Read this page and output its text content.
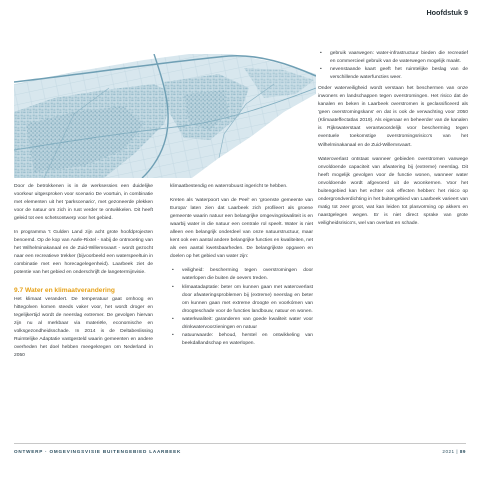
Hoofdstuk 9

Door de betrokkenen is in de werksessies een duidelijke voorkeur uitgesproken voor scenario De voortuin, in combinatie met elementen uit het 'parkscenario', met gezoneerde plekken voor de natuur om zich in rust verder te ontwikkelen. Dit heeft geleid tot een schetsontwerp voor het gebied.

In programma 't Gulden Land zijn acht grote hoofdprojecten benoemd. Op de kop van Aarle-Rixtel - nabij de ontmoeting van het Wilhelminakanaal en de Zuid-Willemsvaart - wordt gezocht naar een recreatieve trekker (bijvoorbeeld een waterspeeltuin in combinatie met een horecagelegenheid). Laarbeek ziet de potentie van het gebied en onderschrijft de langetermijnvisie.

9.7 Water en klimaatverandering

Het klimaat verandert. De temperatuur gaat omhoog en hittegolven komen steeds vaker voor, het wordt droger en tegelijkertijd wordt de neerslag extremer. De gevolgen hiervan zijn nu al merkbaar via materiële, economische en volksgezondheidsschade. In 2014 is de Deltabeslissing Ruimtelijke Adaptatie vastgesteld waarin gemeenten en andere overheden het doel hebben meegekregen om Nederland in 2050

klimaatbestendig en waterrobuust ingericht te hebben.

Kreten als 'waterpoort van de Peel' en 'groenste gemeente van Europa' laten zien dat Laarbeek zich profileert als groene gemeente waarin natuur een belangrijke omgevingskwaliteit is en waarbij water in die natuur een centrale rol speelt. Water is niet alleen een belangrijk onderdeel van onze natuurstructuur, maar kent ook een aantal andere belangrijke functies en kwaliteiten, net als een aantal kwetsbaarheden. De belangrijkste opgaven en doelen op het gebied van water zijn:

• veiligheid: bescherming tegen overstromingen door waterlopen die buiten de oevers treden.
• klimaatadaptatie: beter om kunnen gaan met wateroverlast door afwateringsproblemen bij (extreme) neerslag en beter om kunnen gaan met extreme droogte en voorkómen van droogteschade voor de functies landbouw, natuur en wonen.
• waterkwaliteit: garanderen van goede kwaliteit water voor drinkwatervoorzieningen en natuur
• natuurwaarde: behoud, herstel en ontwikkeling van beekdallandschap en waterlopen.
• gebruik vaarwegen: water-infrastructuur bieden die recreatief en commercieel gebruik van de waterwegen mogelijk maakt.
• nevenstaande kaart geeft het ruimtelijke beslag van de verschillende waterfuncties weer.

Onder waterveiligheid wordt verstaan het beschermen van onze inwoners en landschappen tegen overstromingen. Het risico dat de kanalen en beken in Laarbeek overstromen is geclassificeerd als 'geen overstromingskans' en dat is ook de verwachting voor 2050 (Klimaateffectatlas 2019). Als eigenaar en beheerder van de kanalen is Rijkswaterstaat verantwoordelijk voor bescherming tegen eventuele toekomstige overstromingsrisico's van het Wilhelminakanaal en de Zuid-Willemsvaart.

Wateroverlast ontstaat wanneer gebieden overstromen vanwege onvoldoende capaciteit van afwatering bij (extreme) neerslag. Dit heeft mogelijk gevolgen voor de functie wonen, wanneer water onvoldoende wordt afgevoerd uit de woonkernen. Voor het buitengebied kan het echter ook effecten hebben: het risico op ondergrondverdichting in het buitengebied van Laarbeek varieert van matig tot zeer groot, wat kan leiden tot plasvorming op akkers en naastgelegen wegen. Er is niet direct sprake van grote veiligheidsrisico's, wel van overlast en schade.

ONTWERP · OMGEVINGSVISIE BUITENGEBIED LAARBEEK	2021 | 89
